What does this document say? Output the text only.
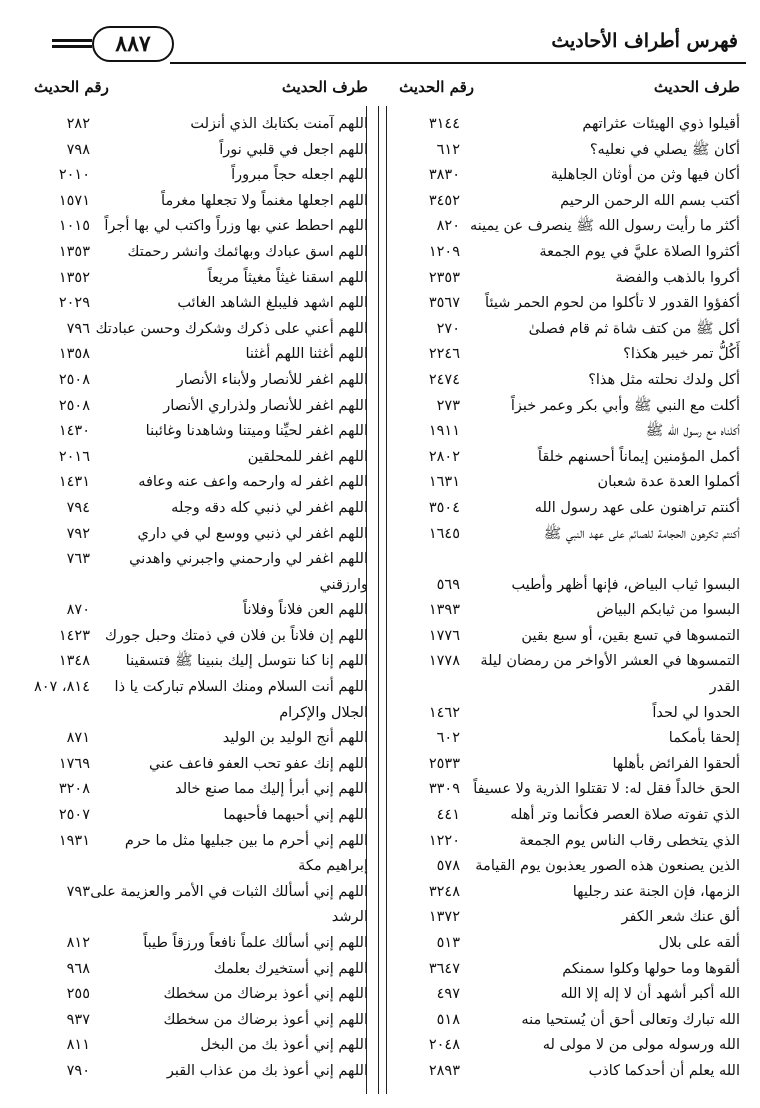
فهرس أطراف الأحاديث
٨٨٧
طرف الحديث
رقم الحديث
طرف الحديث
رقم الحديث
أقيلوا ذوي الهيئات عثراتهم
٣١٤٤
أكان ﷺ يصلي في نعليه؟
٦١٢
أكان فيها وثن من أوثان الجاهلية
٣٨٣٠
أكتب بسم الله الرحمن الرحيم
٣٤٥٢
أكثر ما رأيت رسول الله ﷺ ينصرف عن يمينه
٨٢٠
أكثروا الصلاة عليَّ في يوم الجمعة
١٢٠٩
أكروا بالذهب والفضة
٢٣٥٣
أكفؤوا القدور لا تأكلوا من لحوم الحمر شيئاً
٣٥٦٧
أكل ﷺ من كتف شاة ثم قام فصلىٰ
٢٧٠
أَكُلُّ تمر خيبر هكذا؟
٢٢٤٦
أكل ولدك نحلته مثل هذا؟
٢٤٧٤
أكلت مع النبي ﷺ وأبي بكر وعمر خبزاً
٢٧٣
أكلناه مع رسول الله ﷺ
١٩١١
أكمل المؤمنين إيماناً أحسنهم خلقاً
٢٨٠٢
أكملوا العدة عدة شعبان
١٦٣١
أكنتم تراهنون على عهد رسول الله
٣٥٠٤
أكنتم تكرهون الحجامة للصائم على عهد النبي ﷺ
١٦٤٥
البسوا ثياب البياض، فإنها أظهر وأطيب
٥٦٩
البسوا من ثيابكم البياض
١٣٩٣
التمسوها في تسع بقين، أو سبع بقين
١٧٧٦
التمسوها في العشر الأواخر من رمضان ليلة القدر
١٧٧٨
الحدوا لي لحداً
١٤٦٢
إلحقا بأمكما
٦٠٢
ألحقوا الفرائض بأهلها
٢٥٣٣
الحق خالداً فقل له: لا تقتلوا الذرية ولا عسيفاً
٣٣٠٩
الذي تفوته صلاة العصر فكأنما وتر أهله
٤٤١
الذي يتخطى رقاب الناس يوم الجمعة
١٢٢٠
الذين يصنعون هذه الصور يعذبون يوم القيامة
٥٧٨
الزمها، فإن الجنة عند رجليها
٣٢٤٨
ألق عنك شعر الكفر
١٣٧٢
ألقه على بلال
٥١٣
ألقوها وما حولها وكلوا سمنكم
٣٦٤٧
الله أكبر أشهد أن لا إله إلا الله
٤٩٧
الله تبارك وتعالى أحق أن يُستحيا منه
٥١٨
الله ورسوله مولى من لا مولى له
٢٠٤٨
الله يعلم أن أحدكما كاذب
٢٨٩٣
اللهم آمنت بكتابك الذي أنزلت
٢٨٢
اللهم اجعل في قلبي نوراً
٧٩٨
اللهم اجعله حجاً مبروراً
٢٠١٠
اللهم اجعلها مغنماً ولا تجعلها مغرماً
١٥٧١
اللهم احطط عني بها وزراً واكتب لي بها أجراً
١٠١٥
اللهم اسق عبادك وبهائمك وانشر رحمتك
١٣٥٣
اللهم اسقنا غيثاً مغيثاً مريعاً
١٣٥٢
اللهم اشهد فليبلغ الشاهد الغائب
٢٠٢٩
اللهم أعني على ذكرك وشكرك وحسن عبادتك
٧٩٦
اللهم أغثنا اللهم أغثنا
١٣٥٨
اللهم اغفر للأنصار ولأبناء الأنصار
٢٥٠٨
اللهم اغفر للأنصار ولذراري الأنصار
٢٥٠٨
اللهم اغفر لحيِّنا وميتنا وشاهدنا وغائبنا
١٤٣٠
اللهم اغفر للمحلقين
٢٠١٦
اللهم اغفر له وارحمه واعف عنه وعافه
١٤٣١
اللهم اغفر لي ذنبي كله دقه وجله
٧٩٤
اللهم اغفر لي ذنبي ووسع لي في داري
٧٩٢
اللهم اغفر لي وارحمني واجبرني واهدني وارزقني
٧٦٣
اللهم العن فلاناً وفلاناً
٨٧٠
اللهم إن فلاناً بن فلان في ذمتك وحبل جورك
١٤٢٣
اللهم إنا كنا نتوسل إليك بنبينا ﷺ فتسقينا
١٣٤٨
اللهم أنت السلام ومنك السلام تباركت يا ذا الجلال والإكرام
٨١٤، ٨٠٧
اللهم أنج الوليد بن الوليد
٨٧١
اللهم إنك عفو تحب العفو فاعف عني
١٧٦٩
اللهم إني أبرأ إليك مما صنع خالد
٣٢٠٨
اللهم إني أحبهما فأحبهما
٢٥٠٧
اللهم إني أحرم ما بين جبليها مثل ما حرم إبراهيم مكة
١٩٣١
اللهم إني أسألك الثبات في الأمر والعزيمة على الرشد
٧٩٣
اللهم إني أسألك علماً نافعاً ورزقاً طيباً
٨١٢
اللهم إني أستخيرك بعلمك
٩٦٨
اللهم إني أعوذ برضاك من سخطك
٢٥٥
اللهم إني أعوذ برضاك من سخطك
٩٣٧
اللهم إني أعوذ بك من البخل
٨١١
اللهم إني أعوذ بك من عذاب القبر
٧٩٠
